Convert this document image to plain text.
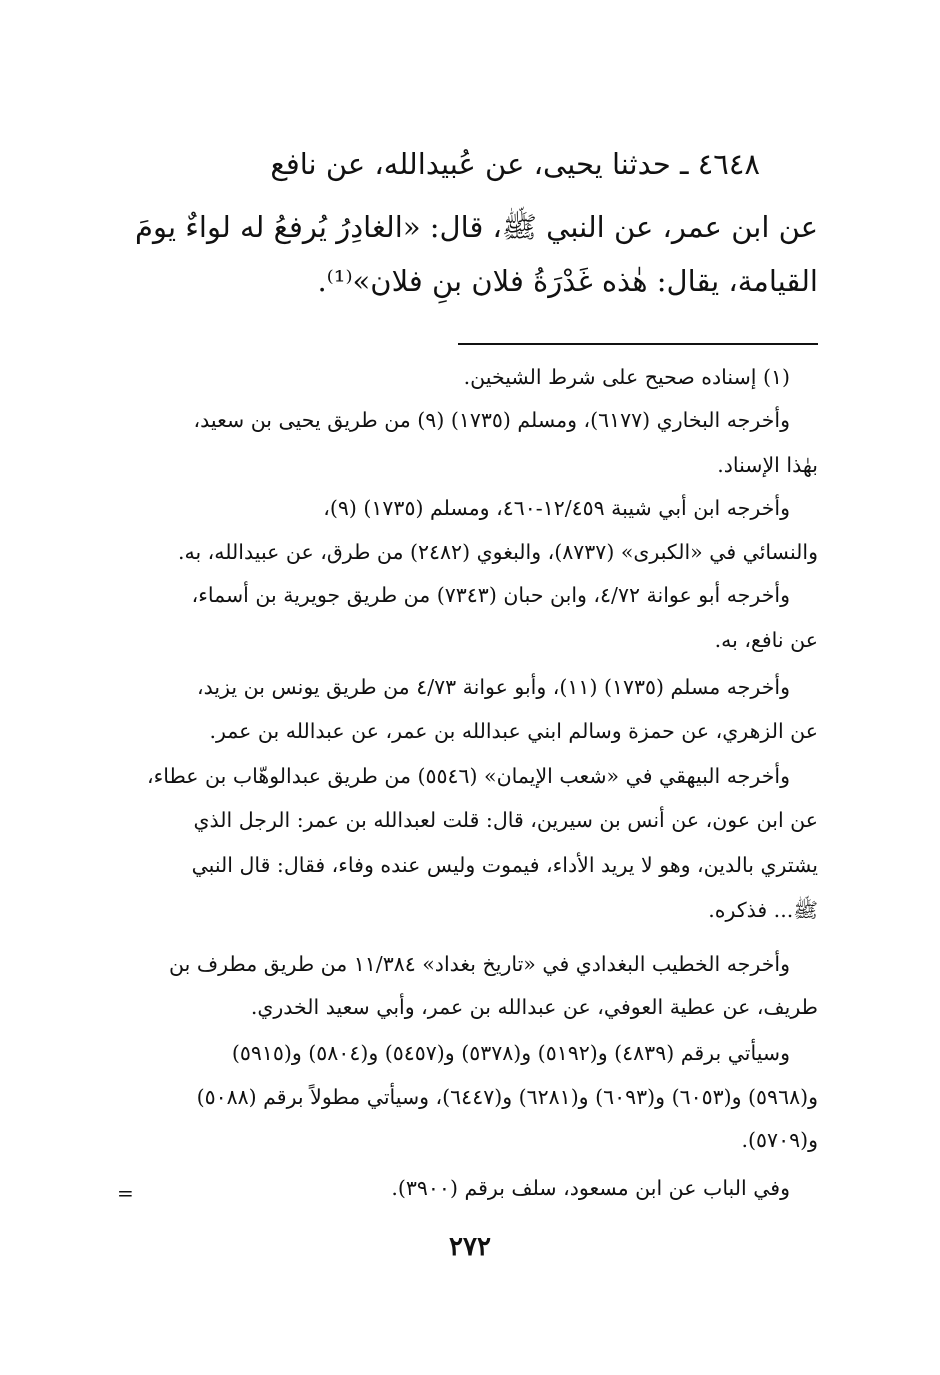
٤٦٤٨ ـ حدثنا يحيى، عن عُبيدالله، عن نافع
عن ابن عمر، عن النبي ﷺ، قال: «الغادِرُ يُرفعُ له لواءٌ يومَ
القيامة، يقال: هٰذه غَدْرَةُ فلان بنِ فلان»⁽¹⁾.
(١) إسناده صحيح على شرط الشيخين.
وأخرجه البخاري (٦١٧٧)، ومسلم (١٧٣٥) (٩) من طريق يحيى بن سعيد،
بهٰذا الإسناد.
وأخرجه ابن أبي شيبة ١٢/٤٥٩-٤٦٠، ومسلم (١٧٣٥) (٩)،
والنسائي في «الكبرى» (٨٧٣٧)، والبغوي (٢٤٨٢) من طرق، عن عبيدالله، به.
وأخرجه أبو عوانة ٤/٧٢، وابن حبان (٧٣٤٣) من طريق جويرية بن أسماء،
عن نافع، به.
وأخرجه مسلم (١٧٣٥) (١١)، وأبو عوانة ٤/٧٣ من طريق يونس بن يزيد،
عن الزهري، عن حمزة وسالم ابني عبدالله بن عمر، عن عبدالله بن عمر.
وأخرجه البيهقي في «شعب الإيمان» (٥٥٤٦) من طريق عبدالوهّاب بن عطاء،
عن ابن عون، عن أنس بن سيرين، قال: قلت لعبدالله بن عمر: الرجل الذي
يشتري بالدين، وهو لا يريد الأداء، فيموت وليس عنده وفاء، فقال: قال النبي
ﷺ... فذكره.
وأخرجه الخطيب البغدادي في «تاريخ بغداد» ١١/٣٨٤ من طريق مطرف بن
طريف، عن عطية العوفي، عن عبدالله بن عمر، وأبي سعيد الخدري.
وسيأتي برقم (٤٨٣٩) و(٥١٩٢) و(٥٣٧٨) و(٥٤٥٧) و(٥٨٠٤) و(٥٩١٥)
و(٥٩٦٨) و(٦٠٥٣) و(٦٠٩٣) و(٦٢٨١) و(٦٤٤٧)، وسيأتي مطولاً برقم (٥٠٨٨)
و(٥٧٠٩).
وفي الباب عن ابن مسعود، سلف برقم (٣٩٠٠).
=
٢٧٢
